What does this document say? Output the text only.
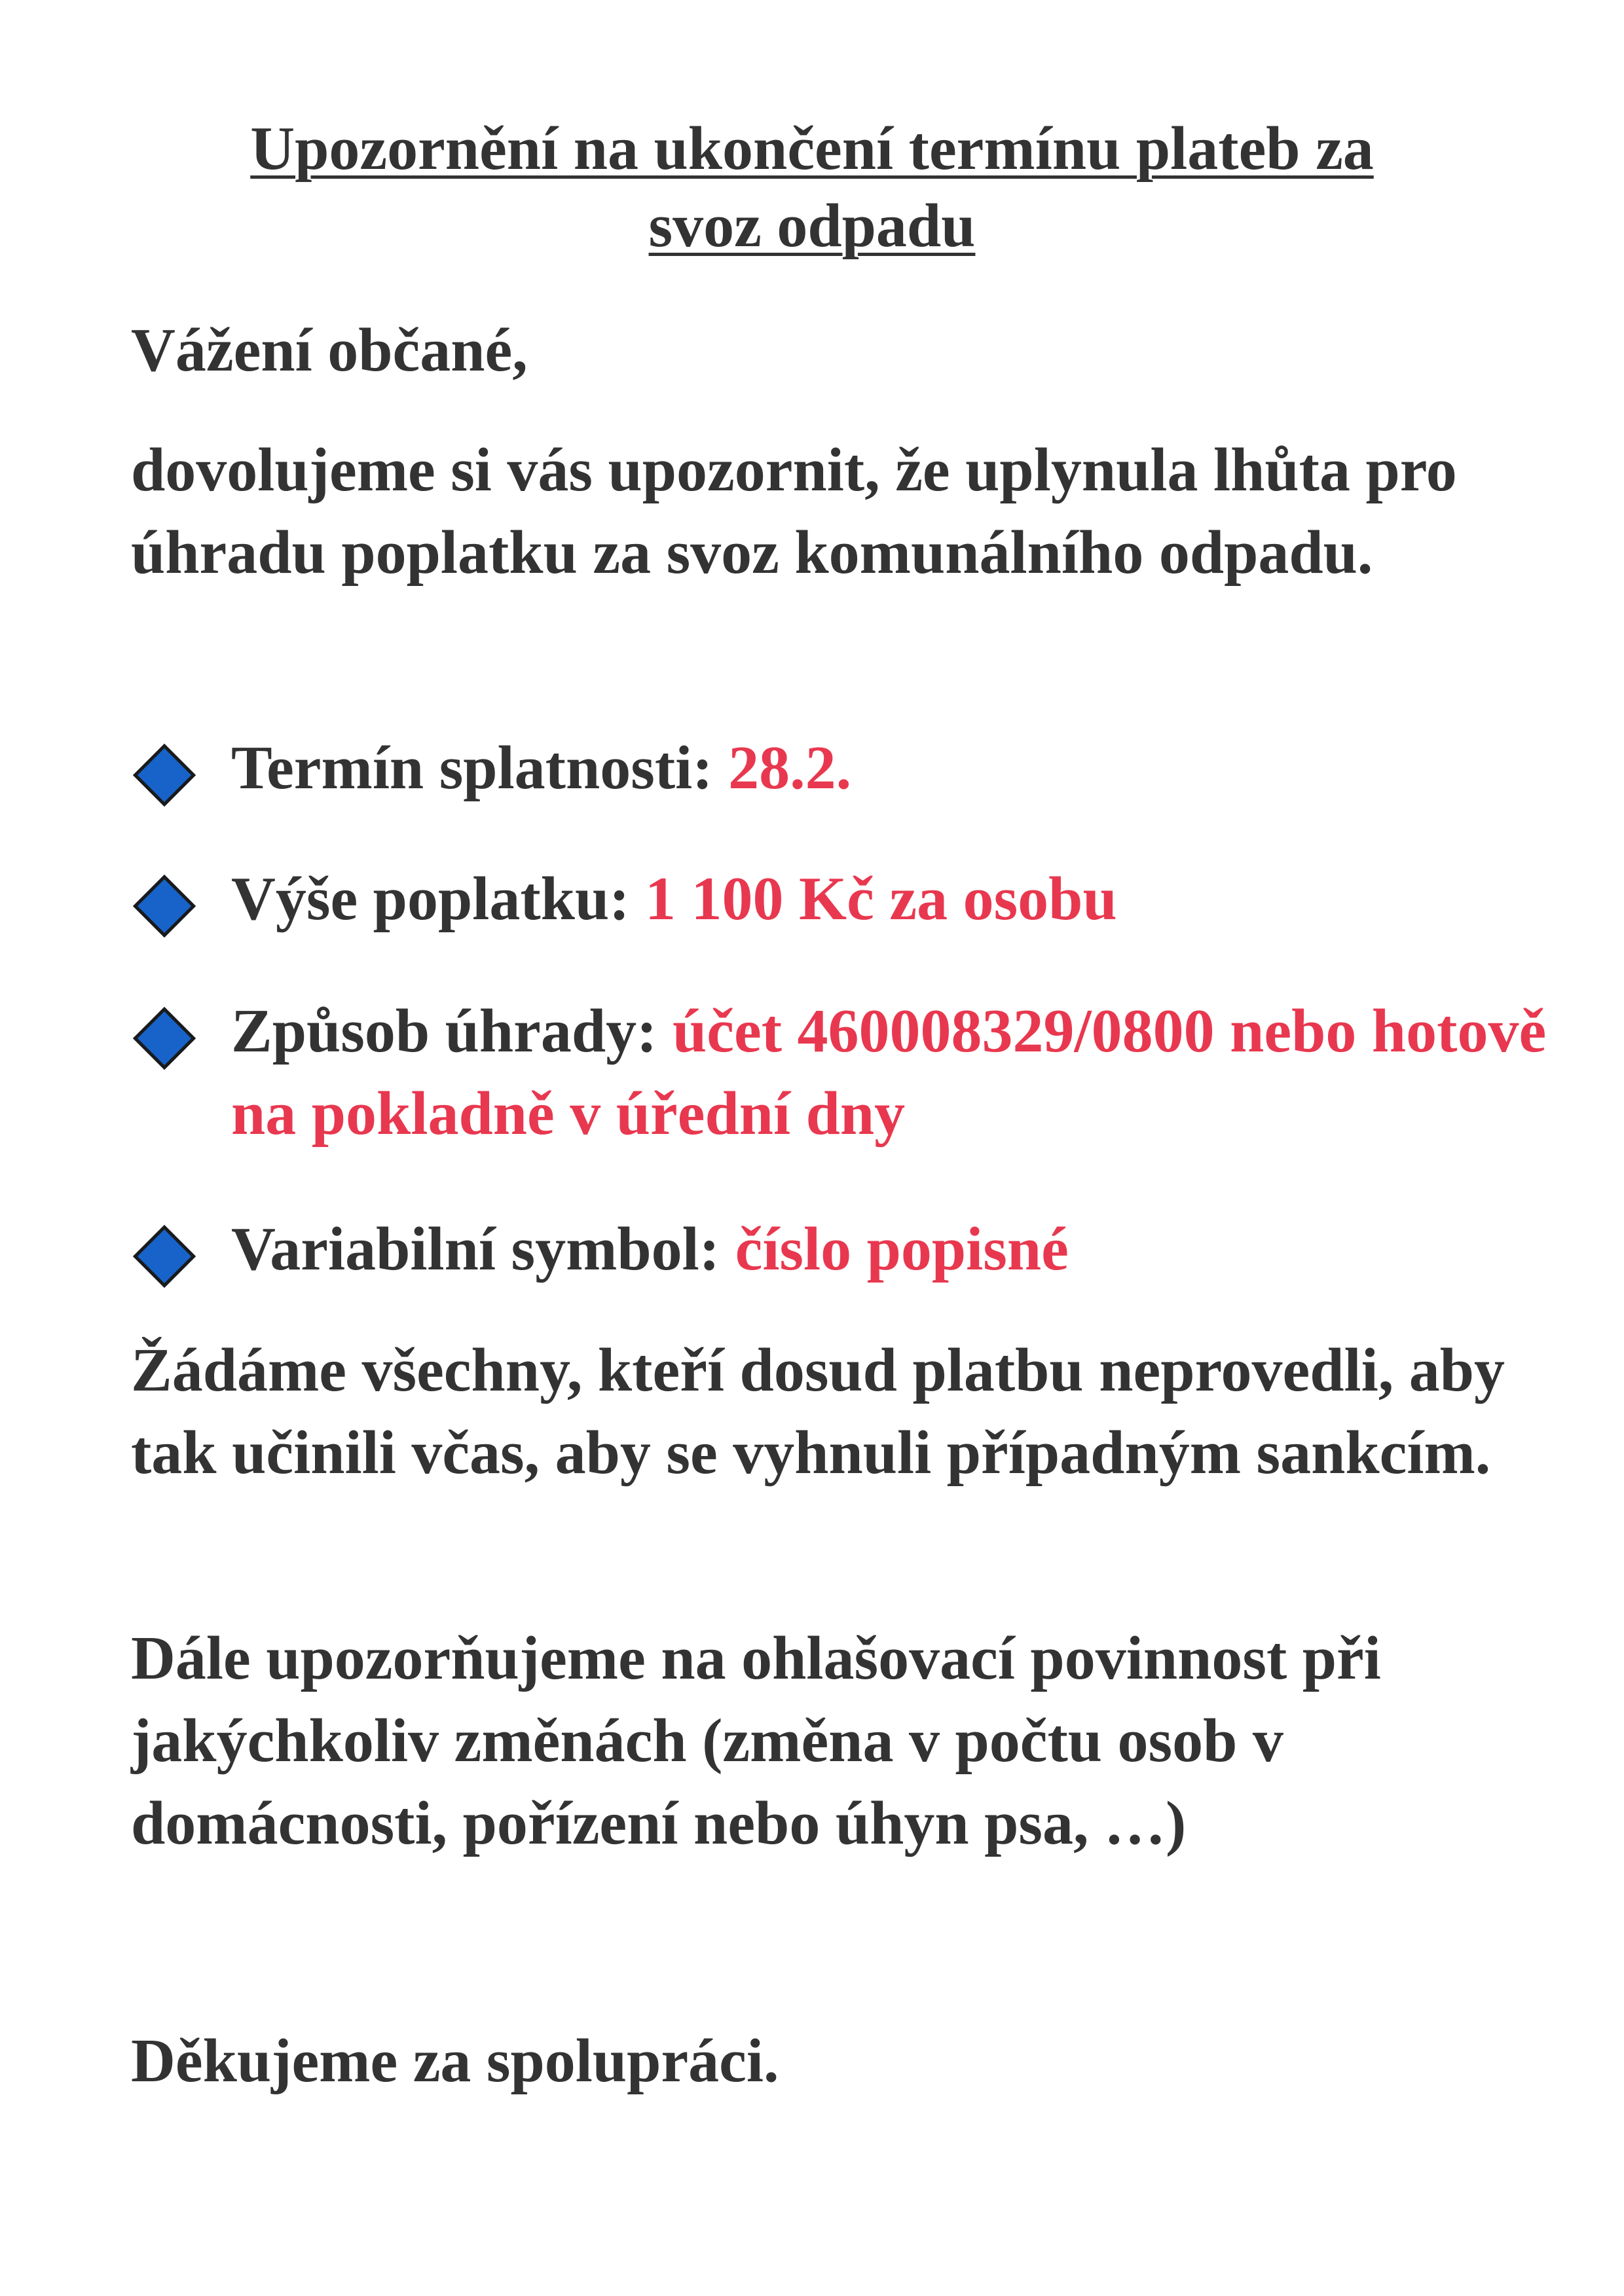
Upozornění na ukončení termínu plateb za
svoz odpadu
Vážení občané,
dovolujeme si vás upozornit, že uplynula lhůta pro úhradu poplatku za svoz komunálního odpadu.
Termín splatnosti: 28.2.
Výše poplatku: 1 100 Kč za osobu
Způsob úhrady: účet 460008329/0800 nebo hotově na pokladně v úřední dny
Variabilní symbol: číslo popisné
Žádáme všechny, kteří dosud platbu neprovedli, aby tak učinili včas, aby se vyhnuli případným sankcím.
Dále upozorňujeme na ohlašovací povinnost při jakýchkoliv změnách (změna v počtu osob v domácnosti, pořízení nebo úhyn psa, …)
Děkujeme za spolupráci.
